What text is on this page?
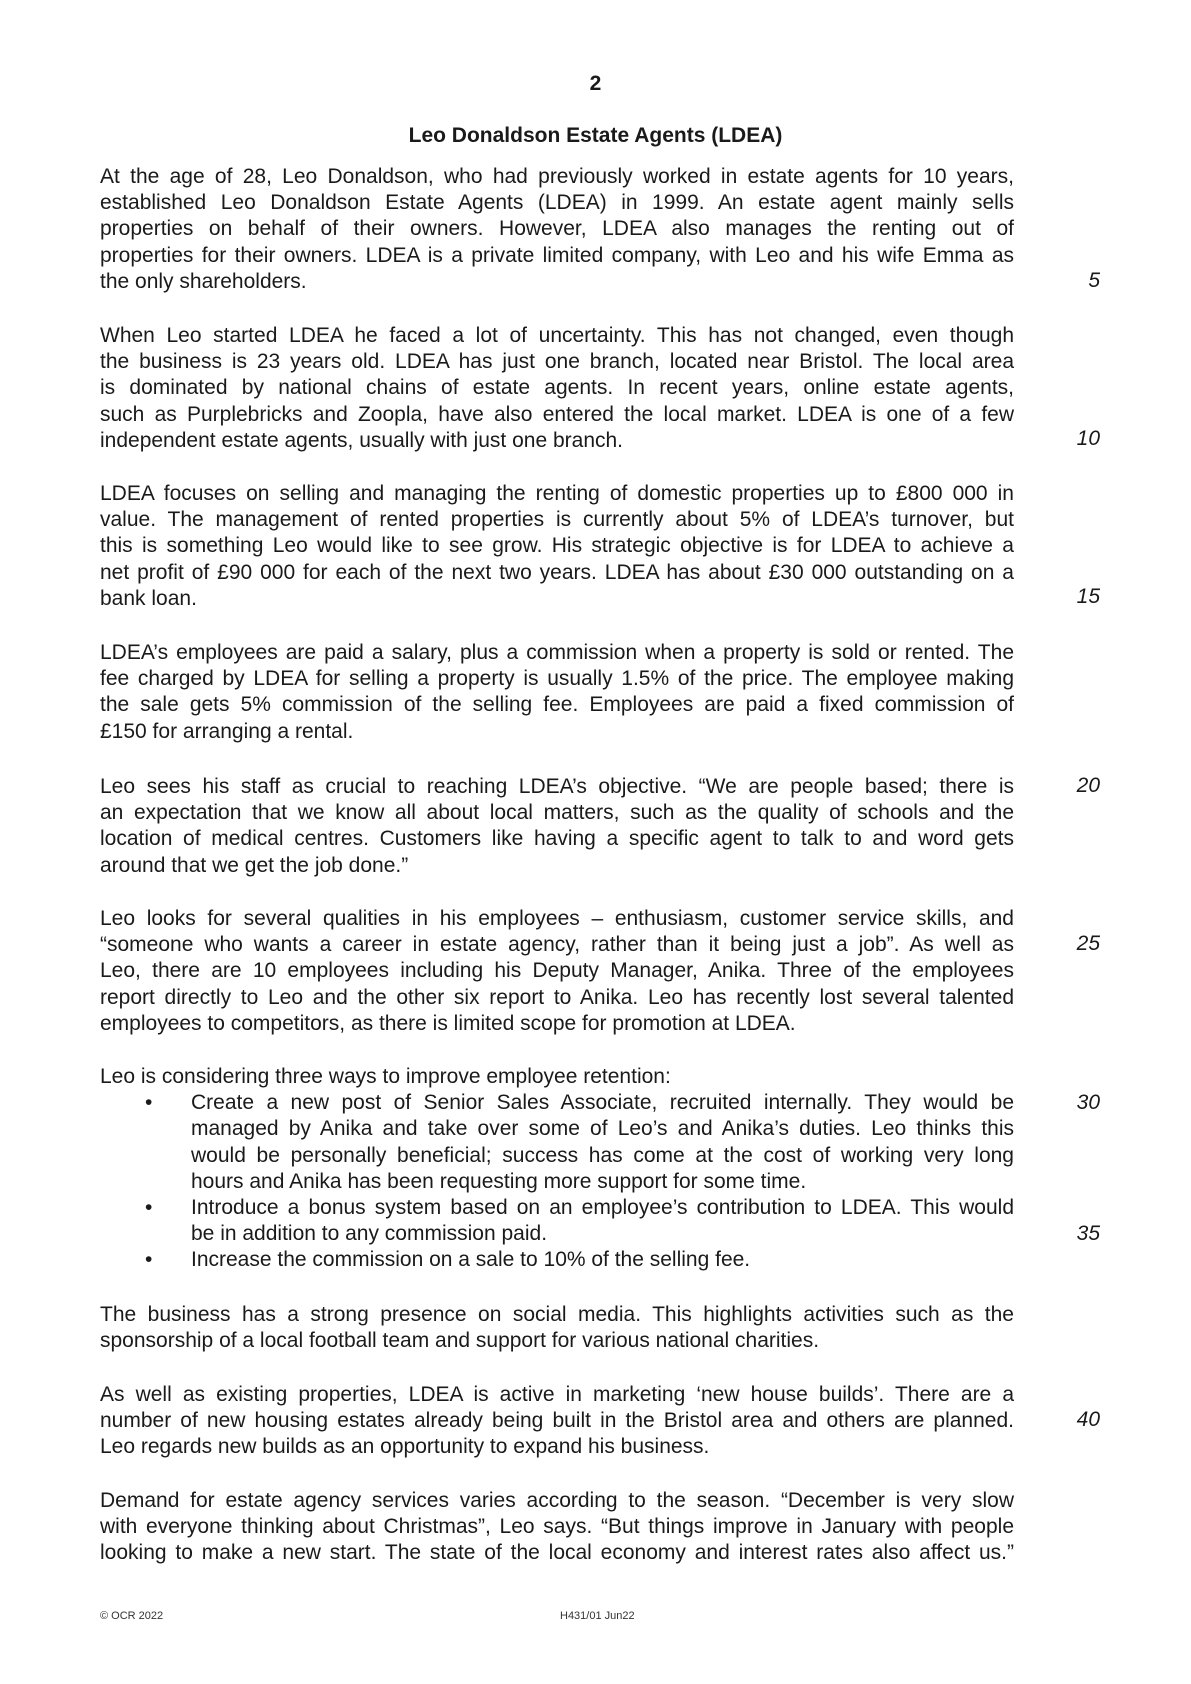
2
Leo Donaldson Estate Agents (LDEA)
At the age of 28, Leo Donaldson, who had previously worked in estate agents for 10 years,
established Leo Donaldson Estate Agents (LDEA) in 1999. An estate agent mainly sells
properties on behalf of their owners. However, LDEA also manages the renting out of
properties for their owners. LDEA is a private limited company, with Leo and his wife Emma as
the only shareholders.
When Leo started LDEA he faced a lot of uncertainty. This has not changed, even though
the business is 23 years old. LDEA has just one branch, located near Bristol. The local area
is dominated by national chains of estate agents. In recent years, online estate agents,
such as Purplebricks and Zoopla, have also entered the local market. LDEA is one of a few
independent estate agents, usually with just one branch.
LDEA focuses on selling and managing the renting of domestic properties up to £800 000 in
value. The management of rented properties is currently about 5% of LDEA’s turnover, but
this is something Leo would like to see grow. His strategic objective is for LDEA to achieve a
net profit of £90 000 for each of the next two years. LDEA has about £30 000 outstanding on a
bank loan.
LDEA’s employees are paid a salary, plus a commission when a property is sold or rented. The
fee charged by LDEA for selling a property is usually 1.5% of the price. The employee making
the sale gets 5% commission of the selling fee. Employees are paid a fixed commission of
£150 for arranging a rental.
Leo sees his staff as crucial to reaching LDEA’s objective. “We are people based; there is
an expectation that we know all about local matters, such as the quality of schools and the
location of medical centres. Customers like having a specific agent to talk to and word gets
around that we get the job done.”
Leo looks for several qualities in his employees – enthusiasm, customer service skills, and
“someone who wants a career in estate agency, rather than it being just a job”. As well as
Leo, there are 10 employees including his Deputy Manager, Anika. Three of the employees
report directly to Leo and the other six report to Anika. Leo has recently lost several talented
employees to competitors, as there is limited scope for promotion at LDEA.
Leo is considering three ways to improve employee retention:
• Create a new post of Senior Sales Associate, recruited internally. They would be
managed by Anika and take over some of Leo’s and Anika’s duties. Leo thinks this
would be personally beneficial; success has come at the cost of working very long
hours and Anika has been requesting more support for some time.
• Introduce a bonus system based on an employee’s contribution to LDEA. This would
be in addition to any commission paid.
• Increase the commission on a sale to 10% of the selling fee.
The business has a strong presence on social media. This highlights activities such as the
sponsorship of a local football team and support for various national charities.
As well as existing properties, LDEA is active in marketing ‘new house builds’. There are a
number of new housing estates already being built in the Bristol area and others are planned.
Leo regards new builds as an opportunity to expand his business.
Demand for estate agency services varies according to the season. “December is very slow
with everyone thinking about Christmas”, Leo says. “But things improve in January with people
looking to make a new start. The state of the local economy and interest rates also affect us.”
5
10
15
20
25
30
35
40
© OCR 2022	H431/01 Jun22
